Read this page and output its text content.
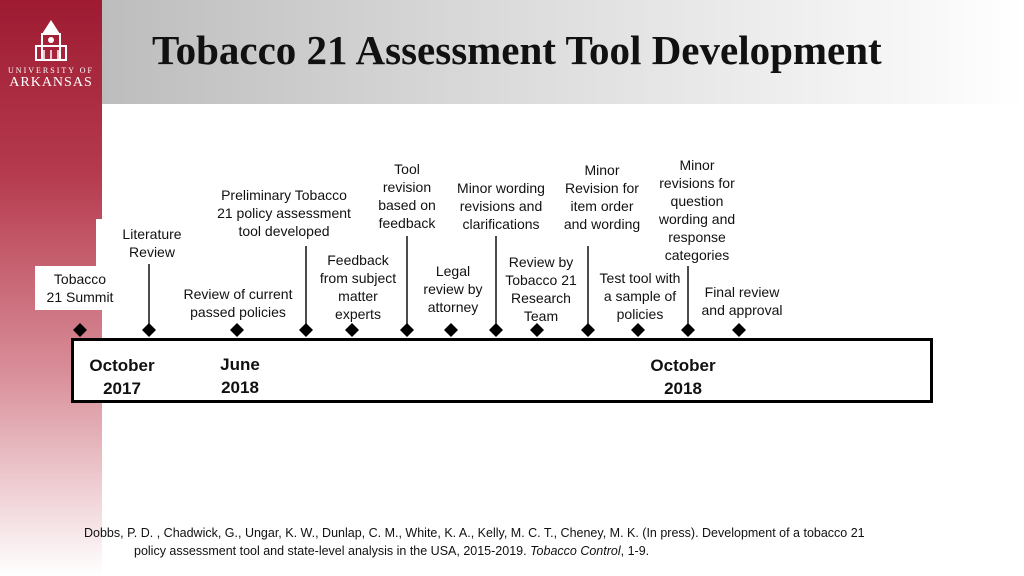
UNIVERSITY OF
ARKANSAS
Tobacco 21 Assessment Tool Development
October
2017
June
2018
October
2018
Tobacco
21 Summit
Literature
Review
Review of current
passed policies
Preliminary Tobacco
21 policy assessment
tool developed
Feedback
from subject
matter
experts
Tool
revision
based on
feedback
Legal
review by
attorney
Minor wording
revisions and
clarifications
Review by
Tobacco 21
Research
Team
Minor
Revision for
item order
and wording
Test tool with
a sample of
policies
Minor
revisions for
question
wording and
response
categories
Final review
and approval
Dobbs, P. D. , Chadwick, G., Ungar, K. W., Dunlap, C. M., White, K. A., Kelly, M. C. T., Cheney, M. K. (In press). Development of a tobacco 21
policy assessment tool and state-level analysis in the USA, 2015-2019. Tobacco Control, 1-9.
